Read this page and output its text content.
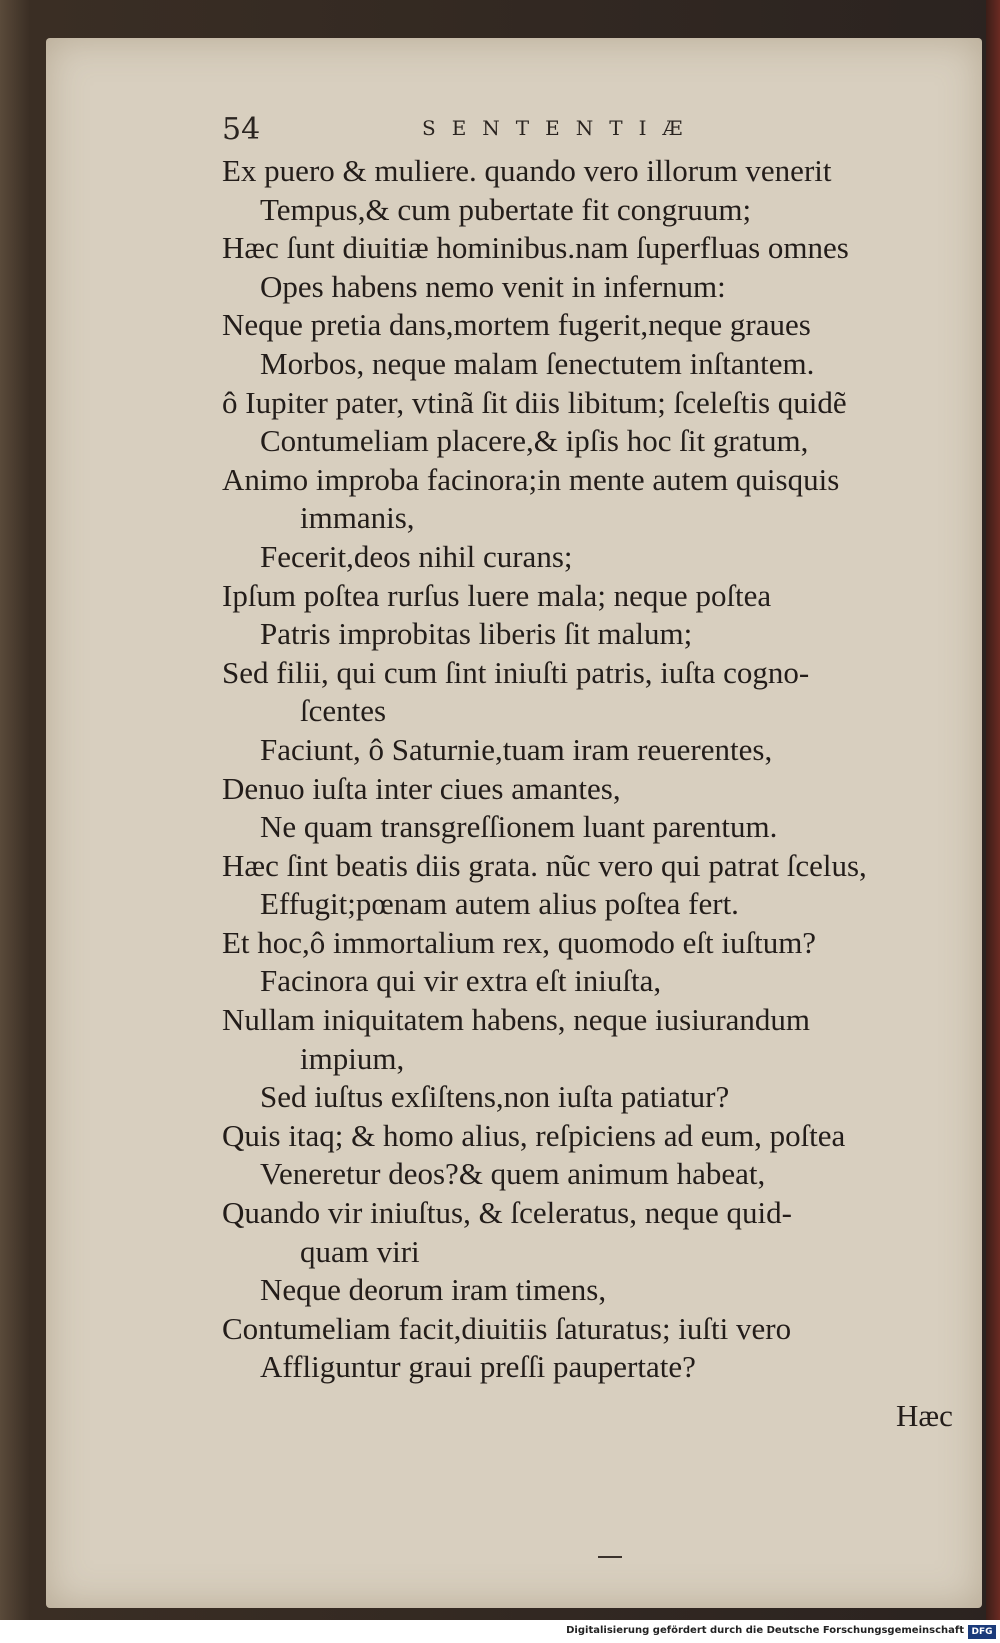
54	SENTENTIÆ
Ex puero & muliere. quando vero illorum venerit
Tempus,& cum pubertate fit congruum;
Hæc ſunt diuitiæ hominibus.nam ſuperfluas omnes
Opes habens nemo venit in infernum:
Neque pretia dans,mortem fugerit,neque graues
Morbos, neque malam ſenectutem inſtantem.
ô Iupiter pater, vtinã ſit diis libitum; ſceleſtis quidẽ
Contumeliam placere,& ipſis hoc ſit gratum,
Animo improba facinora;in mente autem quisquis
immanis,
Fecerit,deos nihil curans;
Ipſum poſtea rurſus luere mala; neque poſtea
Patris improbitas liberis ſit malum;
Sed filii, qui cum ſint iniuſti patris, iuſta cogno-
ſcentes
Faciunt, ô Saturnie,tuam iram reuerentes,
Denuo iuſta inter ciues amantes,
Ne quam transgreſſionem luant parentum.
Hæc ſint beatis diis grata. nũc vero qui patrat ſcelus,
Effugit;pœnam autem alius poſtea fert.
Et hoc,ô immortalium rex, quomodo eſt iuſtum?
Facinora qui vir extra eſt iniuſta,
Nullam iniquitatem habens, neque iusiurandum
impium,
Sed iuſtus exſiſtens,non iuſta patiatur?
Quis itaq; & homo alius, reſpiciens ad eum, poſtea
Veneretur deos?& quem animum habeat,
Quando vir iniuſtus, & ſceleratus, neque quid-
quam viri
Neque deorum iram timens,
Contumeliam facit,diuitiis ſaturatus; iuſti vero
Affliguntur graui preſſi paupertate?
Hæc
Digitalisierung gefördert durch die Deutsche Forschungsgemeinschaft DFG
